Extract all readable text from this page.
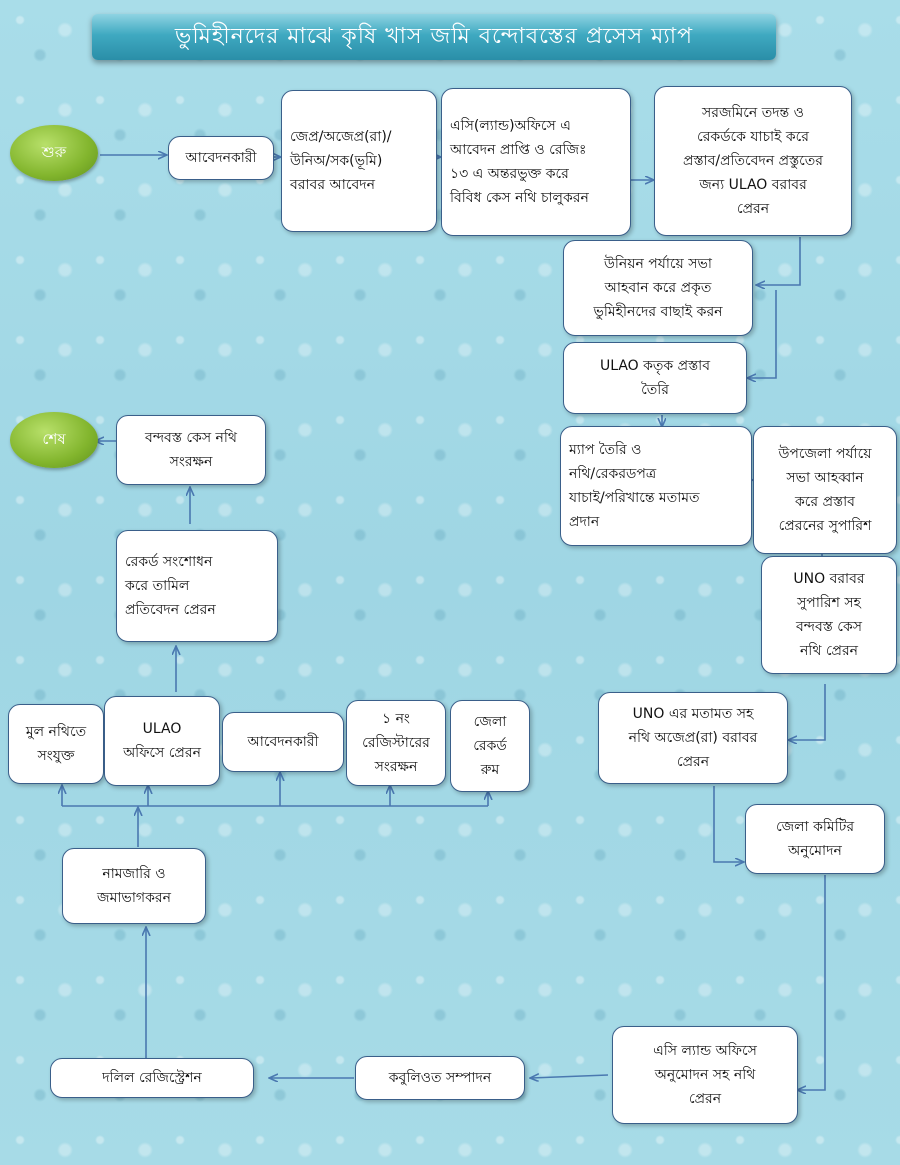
ভুমিহীনদের মাঝে কৃষি খাস জমি বন্দোবস্তের প্রসেস ম্যাপ
শুরু
শেষ
আবেদনকারী
জেপ্র/অজেপ্র(রা)/
উনিঅ/সক(ভূমি)
বরাবর আবেদন
এসি(ল্যান্ড)অফিসে এ
আবেদন প্রাপ্তি ও রেজিঃ
১৩ এ অন্তরভুক্ত করে
বিবিধ কেস নথি চালুকরন
সরজমিনে তদন্ত ও
রেকর্ডকে যাচাই করে
প্রস্তাব/প্রতিবেদন প্রস্তুতের
জন্য ULAO বরাবর
প্রেরন
উনিয়ন পর্যায়ে সভা
আহবান করে প্রকৃত
ভুমিহীনদের বাছাই করন
ULAO কতৃক প্রস্তাব
তৈরি
ম্যাপ তৈরি ও
নথি/রেকরডপত্র
যাচাই/পরিখান্তে মতামত
প্রদান
উপজেলা পর্যায়ে
সভা আহব্বান
করে প্রস্তাব
প্রেরনের সুপারিশ
UNO বরাবর
সুপারিশ সহ
বন্দবস্ত কেস
নথি প্রেরন
UNO এর মতামত সহ
নথি অজেপ্র(রা) বরাবর
প্রেরন
জেলা কমিটির
অনুমোদন
এসি ল্যান্ড অফিসে
অনুমোদন সহ নথি
প্রেরন
কবুলিওত সম্পাদন
দলিল রেজিস্ট্রেশন
নামজারি ও
জমাভাগকরন
মুল নথিতে
সংযুক্ত
ULAO
অফিসে প্রেরন
আবেদনকারী
১ নং
রেজিস্টারের
সংরক্ষন
জেলা
রেকর্ড
রুম
রেকর্ড সংশোধন
করে তামিল
প্রতিবেদন প্রেরন
বন্দবস্ত কেস নথি
সংরক্ষন
